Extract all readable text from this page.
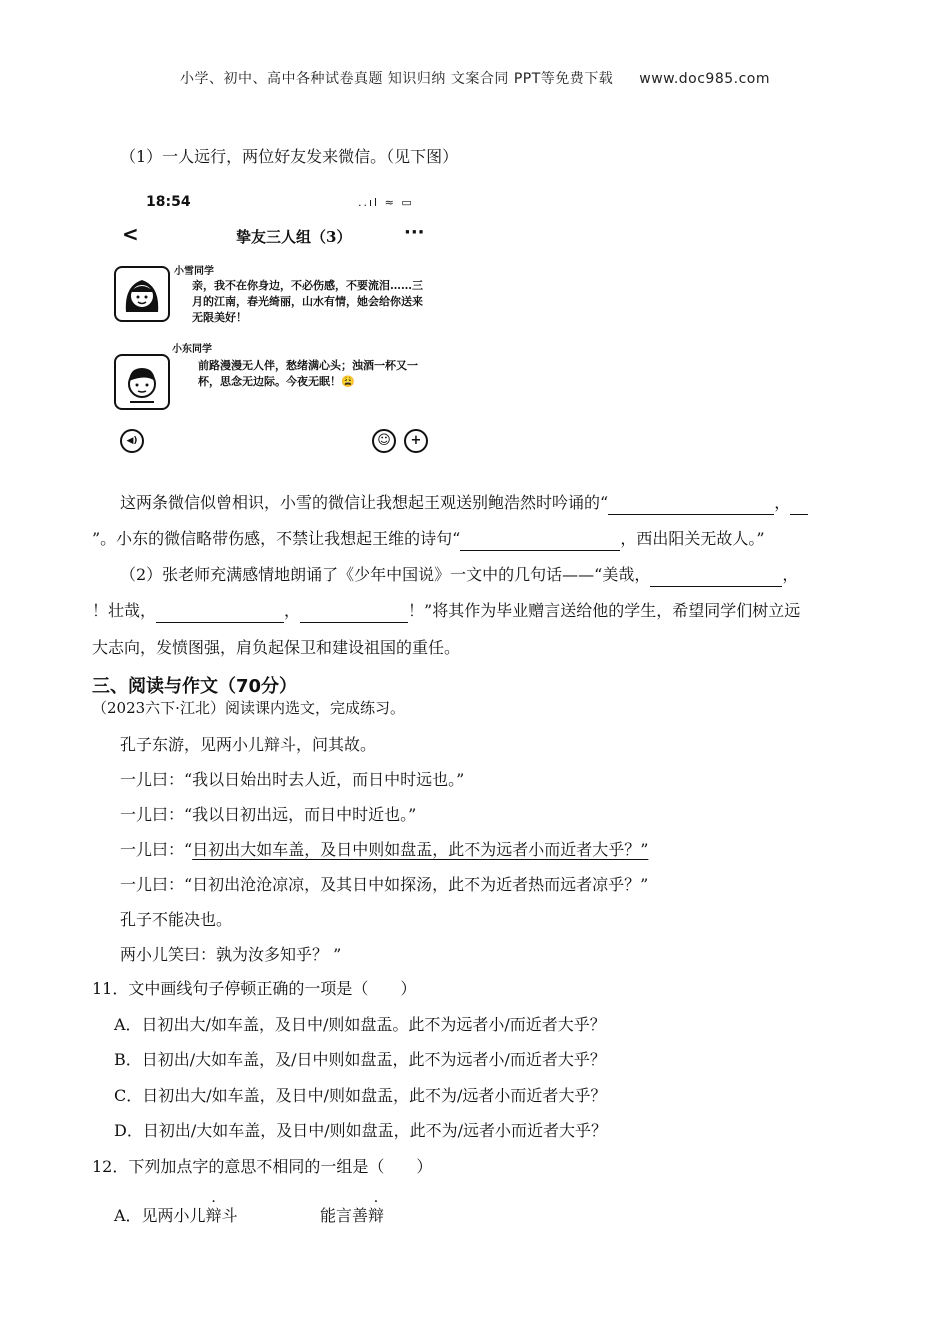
小学、初中、高中各种试卷真题 知识归纳 文案合同 PPT等免费下载 www.doc985.com
（1）一人远行，两位好友发来微信。（见下图）
18:54	..ıl ≈ ▭
<	挚友三人组（3）	···
小雪同学
亲，我不在你身边，不必伤感，不要流泪……三月的江南，春光绮丽，山水有情，她会给你送来无限美好！
小东同学
前路漫漫无人伴，愁绪满心头；浊酒一杯又一杯，思念无边际。今夜无眠！😩
◀)	☺	+
这两条微信似曾相识，小雪的微信让我想起王观送别鲍浩然时吟诵的“	，
”。小东的微信略带伤感，不禁让我想起王维的诗句“	，西出阳关无故人。”
（2）张老师充满感情地朗诵了《少年中国说》一文中的几句话——“美哉，	，
！壮哉，	，	！”将其作为毕业赠言送给他的学生，希望同学们树立远
大志向，发愤图强，肩负起保卫和建设祖国的重任。
三、阅读与作文（70分）
（2023六下·江北）阅读课内选文，完成练习。
孔子东游，见两小儿辩斗，问其故。
一儿曰：“我以日始出时去人近，而日中时远也。”
一儿曰：“我以日初出远，而日中时近也。”
一儿曰：“日初出大如车盖，及日中则如盘盂，此不为远者小而近者大乎？”
一儿曰：“日初出沧沧凉凉，及其日中如探汤，此不为近者热而远者凉乎？”
孔子不能决也。
两小儿笑曰：孰为汝多知乎？ ”
11．文中画线句子停顿正确的一项是（　　）
A．日初出大/如车盖，及日中/则如盘盂。此不为远者小/而近者大乎？
B．日初出/大如车盖，及/日中则如盘盂，此不为远者小/而近者大乎？
C．日初出大/如车盖，及日中/则如盘盂，此不为/远者小而近者大乎？
D．日初出/大如车盖，及日中/则如盘盂，此不为/远者小而近者大乎？
12．下列加点字的意思不相同的一组是（　　）
A．见两小儿辩斗	能言善辩
